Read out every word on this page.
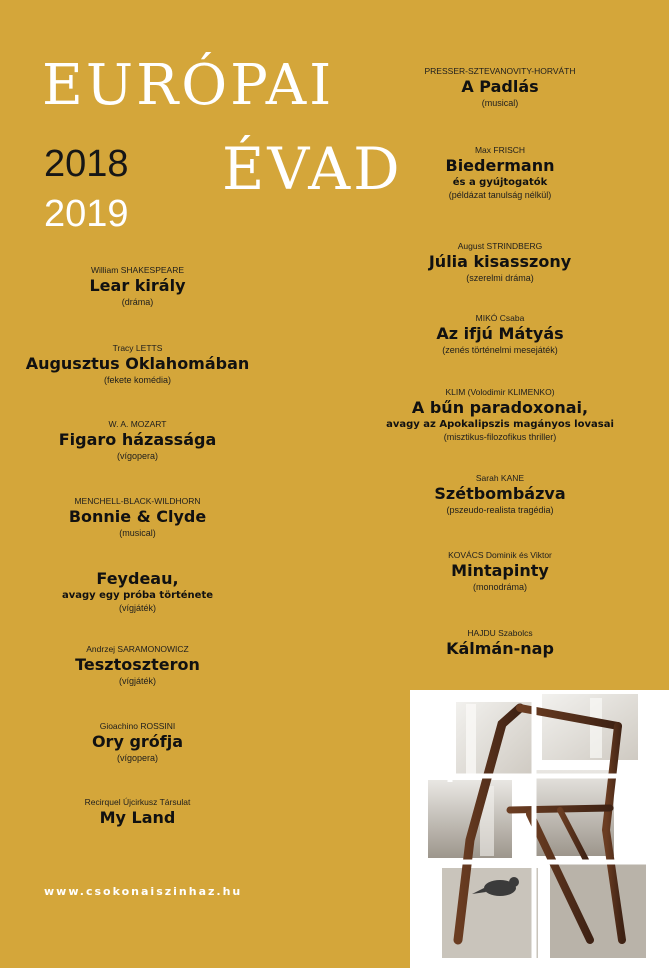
EURÓPAI
2018 ÉVAD
2019
William SHAKESPEARE
Lear király
(dráma)
Tracy LETTS
Augusztus Oklahomában
(fekete komédia)
W. A. MOZART
Figaro házassága
(vígopera)
MENCHELL-BLACK-WILDHORN
Bonnie & Clyde
(musical)
Feydeau,
avagy egy próba története
(vígjáték)
Andrzej SARAMONOWICZ
Tesztoszteron
(vígjáték)
Gioachino ROSSINI
Ory grófja
(vígopera)
Recirquel Újcirkusz Társulat
My Land
PRESSER-SZTEVANOVITY-HORVÁTH
A Padlás
(musical)
Max FRISCH
Biedermann
és a gyújtogatók
(példázat tanulság nélkül)
August STRINDBERG
Júlia kisasszony
(szerelmi dráma)
MIKÓ Csaba
Az ifjú Mátyás
(zenés történelmi mesejáték)
KLIM (Volodimir KLIMENKO)
A bűn paradoxonai,
avagy az Apokalipszis magányos lovasai
(misztikus-filozofikus thriller)
Sarah KANE
Szétbombázva
(pszeudo-realista tragédia)
KOVÁCS Dominik és Viktor
Mintapinty
(monodráma)
HAJDU Szabolcs
Kálmán-nap
www.csokonaiszinhaz.hu
